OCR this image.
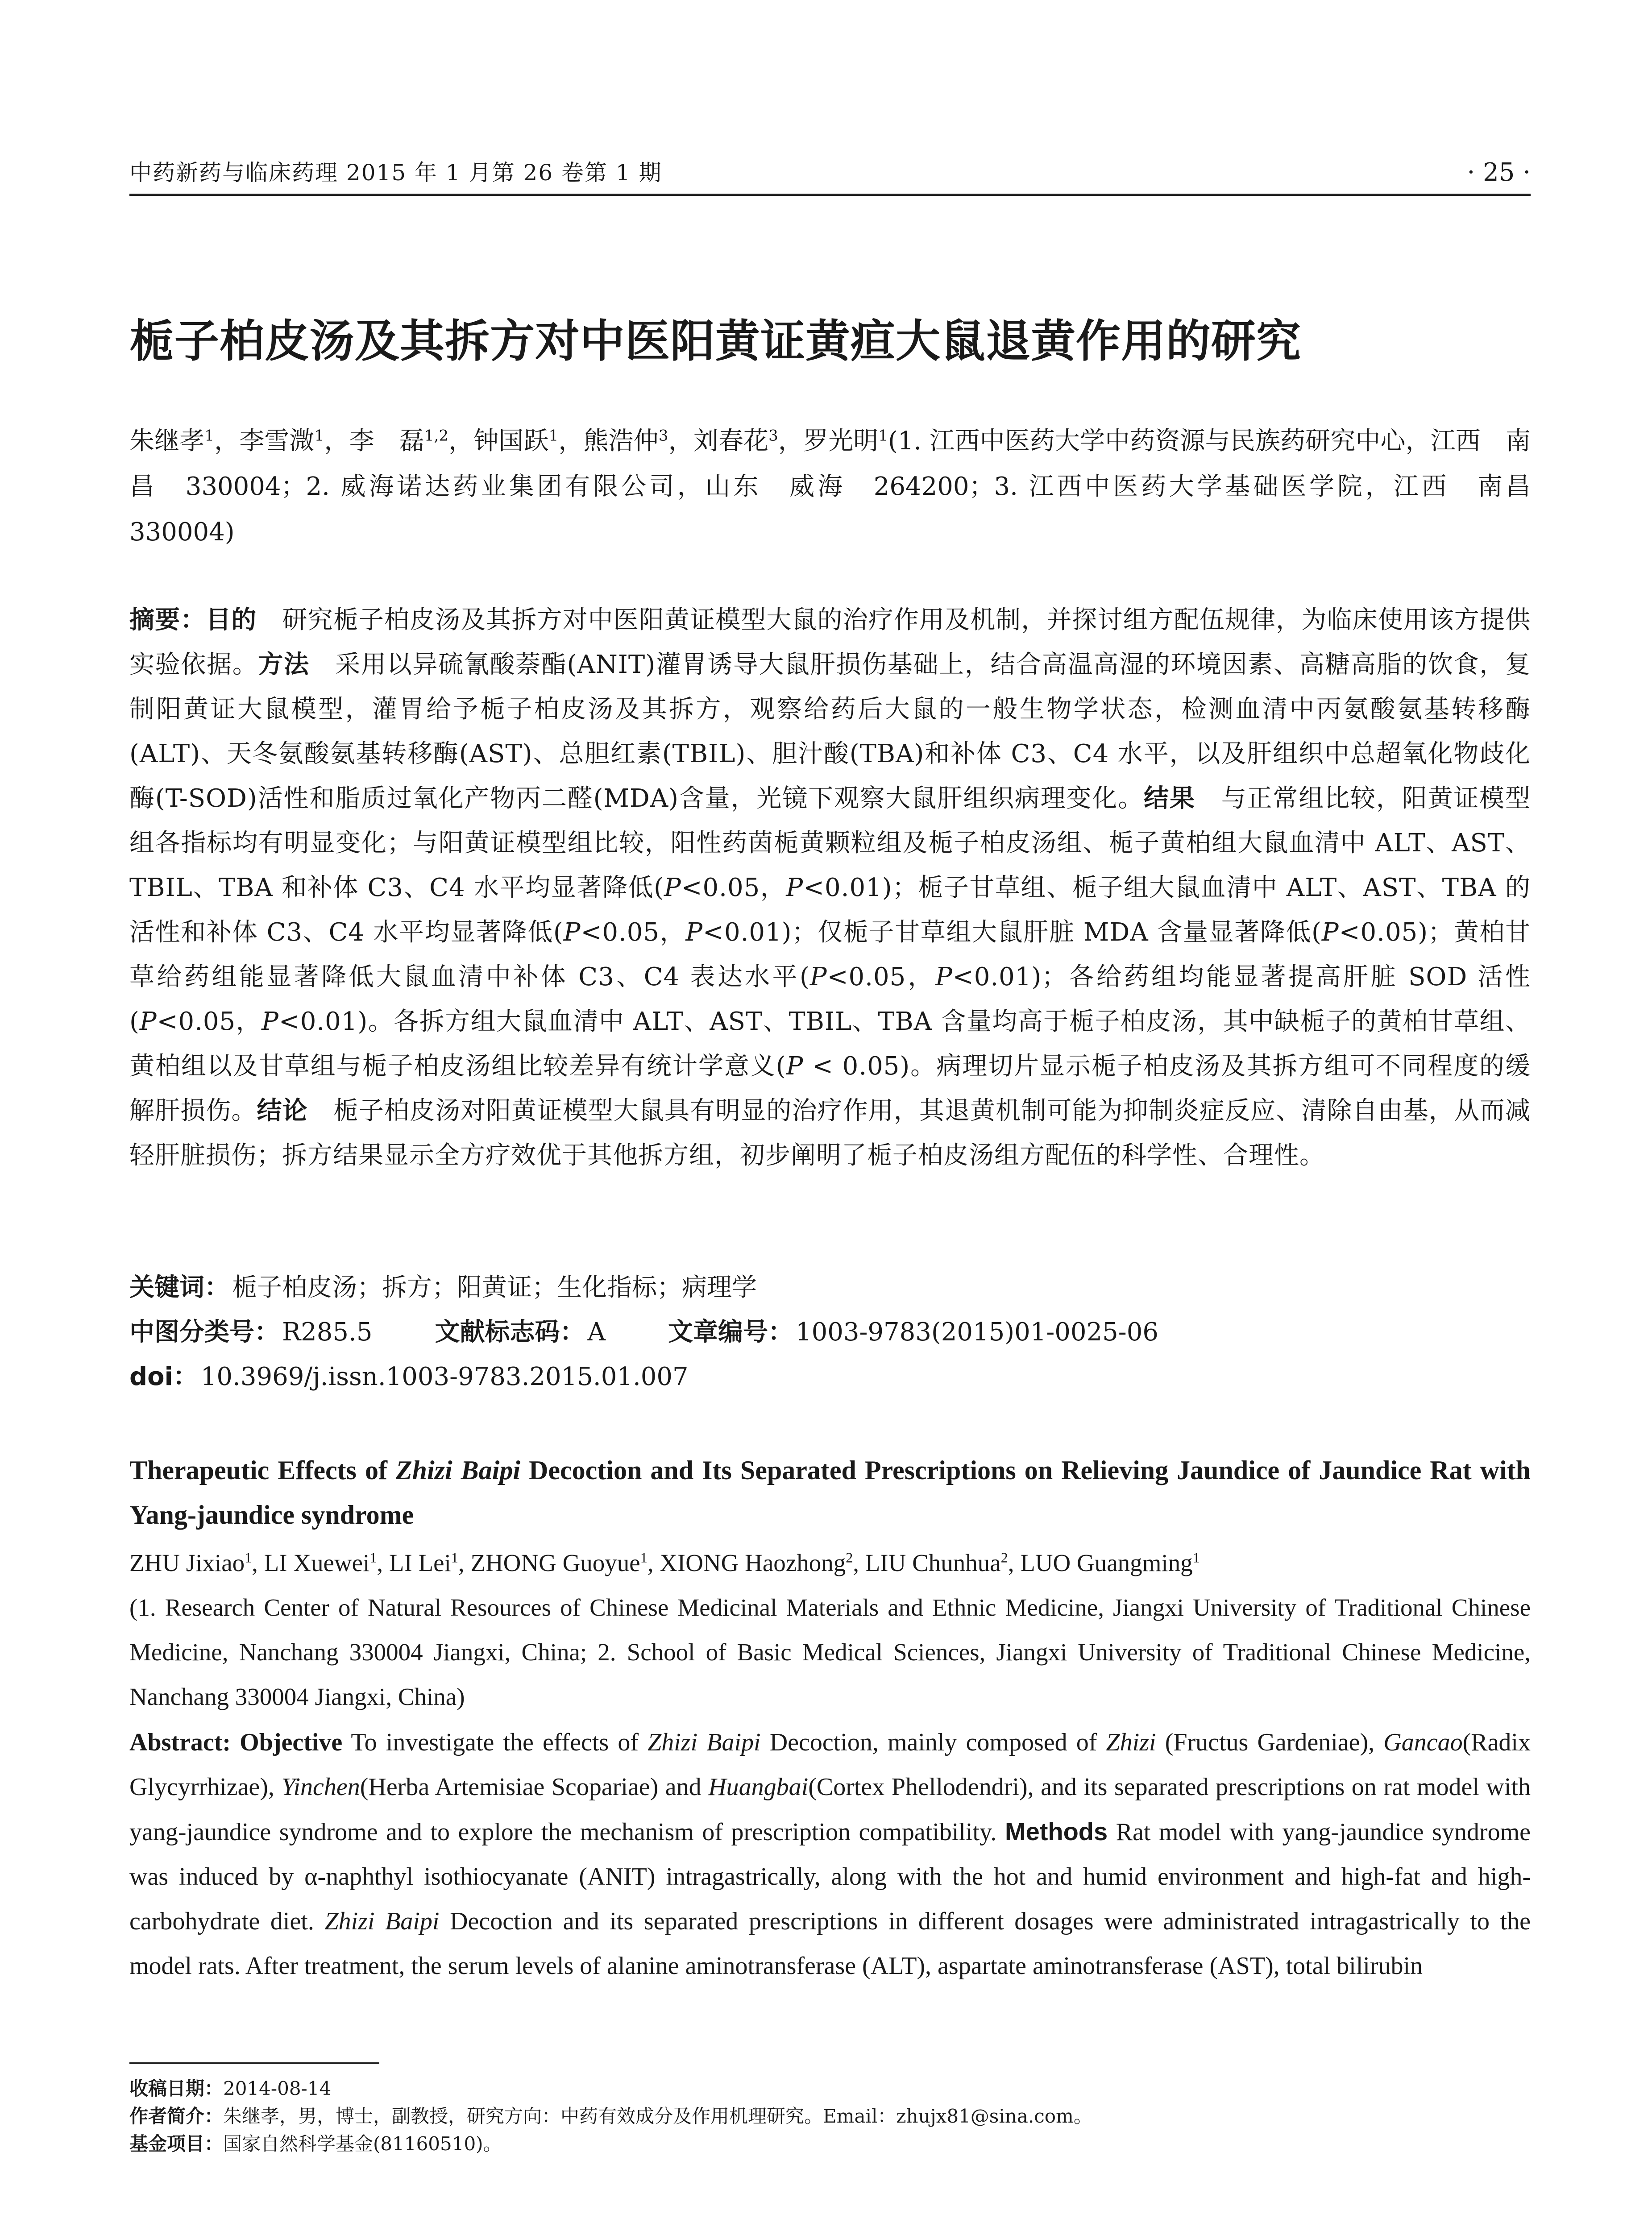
中药新药与临床药理 2015 年 1 月第 26 卷第 1 期	· 25 ·
栀子柏皮汤及其拆方对中医阳黄证黄疸大鼠退黄作用的研究
朱继孝$^1$，李雪溦$^1$，李　磊$^{1,2}$，钟国跃$^1$，熊浩仲$^3$，刘春花$^3$，罗光明$^1$(1. 江西中医药大学中药资源与民族药研究中心，江西　南昌　330004；2. 威海诺达药业集团有限公司，山东　威海　264200；3. 江西中医药大学基础医学院，江西　南昌　330004)
摘要：目的　研究栀子柏皮汤及其拆方对中医阳黄证模型大鼠的治疗作用及机制，并探讨组方配伍规律，为临床使用该方提供实验依据。方法　采用以异硫氰酸萘酯(ANIT)灌胃诱导大鼠肝损伤基础上，结合高温高湿的环境因素、高糖高脂的饮食，复制阳黄证大鼠模型，灌胃给予栀子柏皮汤及其拆方，观察给药后大鼠的一般生物学状态，检测血清中丙氨酸氨基转移酶(ALT)、天冬氨酸氨基转移酶(AST)、总胆红素(TBIL)、胆汁酸(TBA)和补体 C3、C4 水平，以及肝组织中总超氧化物歧化酶(T-SOD)活性和脂质过氧化产物丙二醛(MDA)含量，光镜下观察大鼠肝组织病理变化。结果　与正常组比较，阳黄证模型组各指标均有明显变化；与阳黄证模型组比较，阳性药茵栀黄颗粒组及栀子柏皮汤组、栀子黄柏组大鼠血清中 ALT、AST、TBIL、TBA 和补体 C3、C4 水平均显著降低(P<0.05，P<0.01)；栀子甘草组、栀子组大鼠血清中 ALT、AST、TBA 的活性和补体 C3、C4 水平均显著降低(P<0.05，P<0.01)；仅栀子甘草组大鼠肝脏 MDA 含量显著降低(P<0.05)；黄柏甘草给药组能显著降低大鼠血清中补体 C3、C4 表达水平(P<0.05，P<0.01)；各给药组均能显著提高肝脏 SOD 活性 (P<0.05，P<0.01)。各拆方组大鼠血清中 ALT、AST、TBIL、TBA 含量均高于栀子柏皮汤，其中缺栀子的黄柏甘草组、黄柏组以及甘草组与栀子柏皮汤组比较差异有统计学意义(P < 0.05)。病理切片显示栀子柏皮汤及其拆方组可不同程度的缓解肝损伤。结论　栀子柏皮汤对阳黄证模型大鼠具有明显的治疗作用，其退黄机制可能为抑制炎症反应、清除自由基，从而减轻肝脏损伤；拆方结果显示全方疗效优于其他拆方组，初步阐明了栀子柏皮汤组方配伍的科学性、合理性。
关键词： 栀子柏皮汤；拆方；阳黄证；生化指标；病理学
中图分类号： R285.5	文献标志码： A	文章编号： 1003-9783(2015)01-0025-06
doi： 10.3969/j.issn.1003-9783.2015.01.007
Therapeutic Effects of Zhizi Baipi Decoction and Its Separated Prescriptions on Relieving Jaundice of Jaundice Rat with Yang-jaundice syndrome
ZHU Jixiao$^1$, LI Xuewei$^1$, LI Lei$^1$, ZHONG Guoyue$^1$, XIONG Haozhong$^2$, LIU Chunhua$^2$, LUO Guangming$^1$
(1. Research Center of Natural Resources of Chinese Medicinal Materials and Ethnic Medicine, Jiangxi University of Traditional Chinese Medicine, Nanchang 330004 Jiangxi, China; 2. School of Basic Medical Sciences, Jiangxi University of Traditional Chinese Medicine, Nanchang 330004 Jiangxi, China)
Abstract: Objective To investigate the effects of Zhizi Baipi Decoction, mainly composed of Zhizi (Fructus Gardeniae), Gancao(Radix Glycyrrhizae), Yinchen(Herba Artemisiae Scopariae) and Huangbai(Cortex Phellodendri), and its separated prescriptions on rat model with yang-jaundice syndrome and to explore the mechanism of prescription compatibility. Methods Rat model with yang-jaundice syndrome was induced by α-naphthyl isothiocyanate (ANIT) intragastrically, along with the hot and humid environment and high-fat and high-carbohydrate diet. Zhizi Baipi Decoction and its separated prescriptions in different dosages were administrated intragastrically to the model rats. After treatment, the serum levels of alanine aminotransferase (ALT), aspartate aminotransferase (AST), total bilirubin
收稿日期：2014-08-14
作者简介：朱继孝，男，博士，副教授，研究方向：中药有效成分及作用机理研究。Email：zhujx81@sina.com。
基金项目：国家自然科学基金(81160510)。
